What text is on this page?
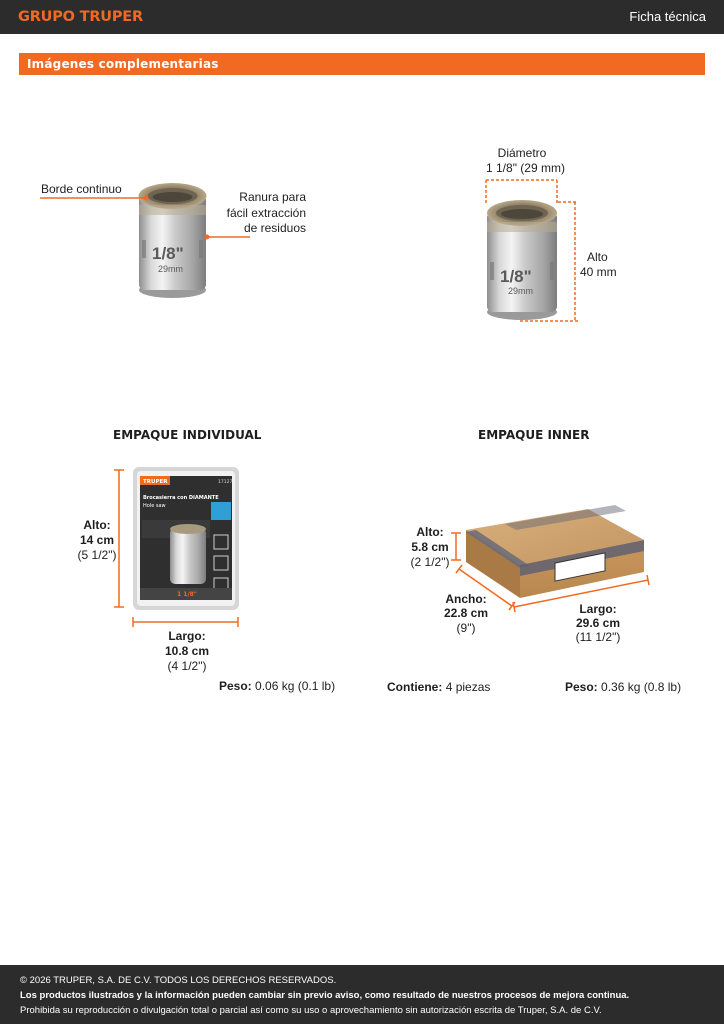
GRUPO TRUPER	Ficha técnica
Imágenes complementarias
1/8"
29mm	1/8"
29mm
TRUPER	17127
Brocasierra con DIAMANTE
Hole saw
1 1/8"
Borde continuo
Ranura para
fácil extracción
de residuos
Diámetro
1 1/8" (29 mm)
Alto
40 mm
EMPAQUE INDIVIDUAL	EMPAQUE INNER
Alto:
14 cm
(5 1/2")
Largo:
10.8 cm
(4 1/2")
Peso: 0.06 kg (0.1 lb)
Alto:
5.8 cm
(2 1/2")
Ancho:
22.8 cm
(9")
Largo:
29.6 cm
(11 1/2")
Contiene: 4 piezas	Peso: 0.36 kg (0.8 lb)
© 2026 TRUPER, S.A. DE C.V. TODOS LOS DERECHOS RESERVADOS.
Los productos ilustrados y la información pueden cambiar sin previo aviso, como resultado de nuestros procesos de mejora continua.
Prohibida su reproducción o divulgación total o parcial así como su uso o aprovechamiento sin autorización escrita de Truper, S.A. de C.V.
